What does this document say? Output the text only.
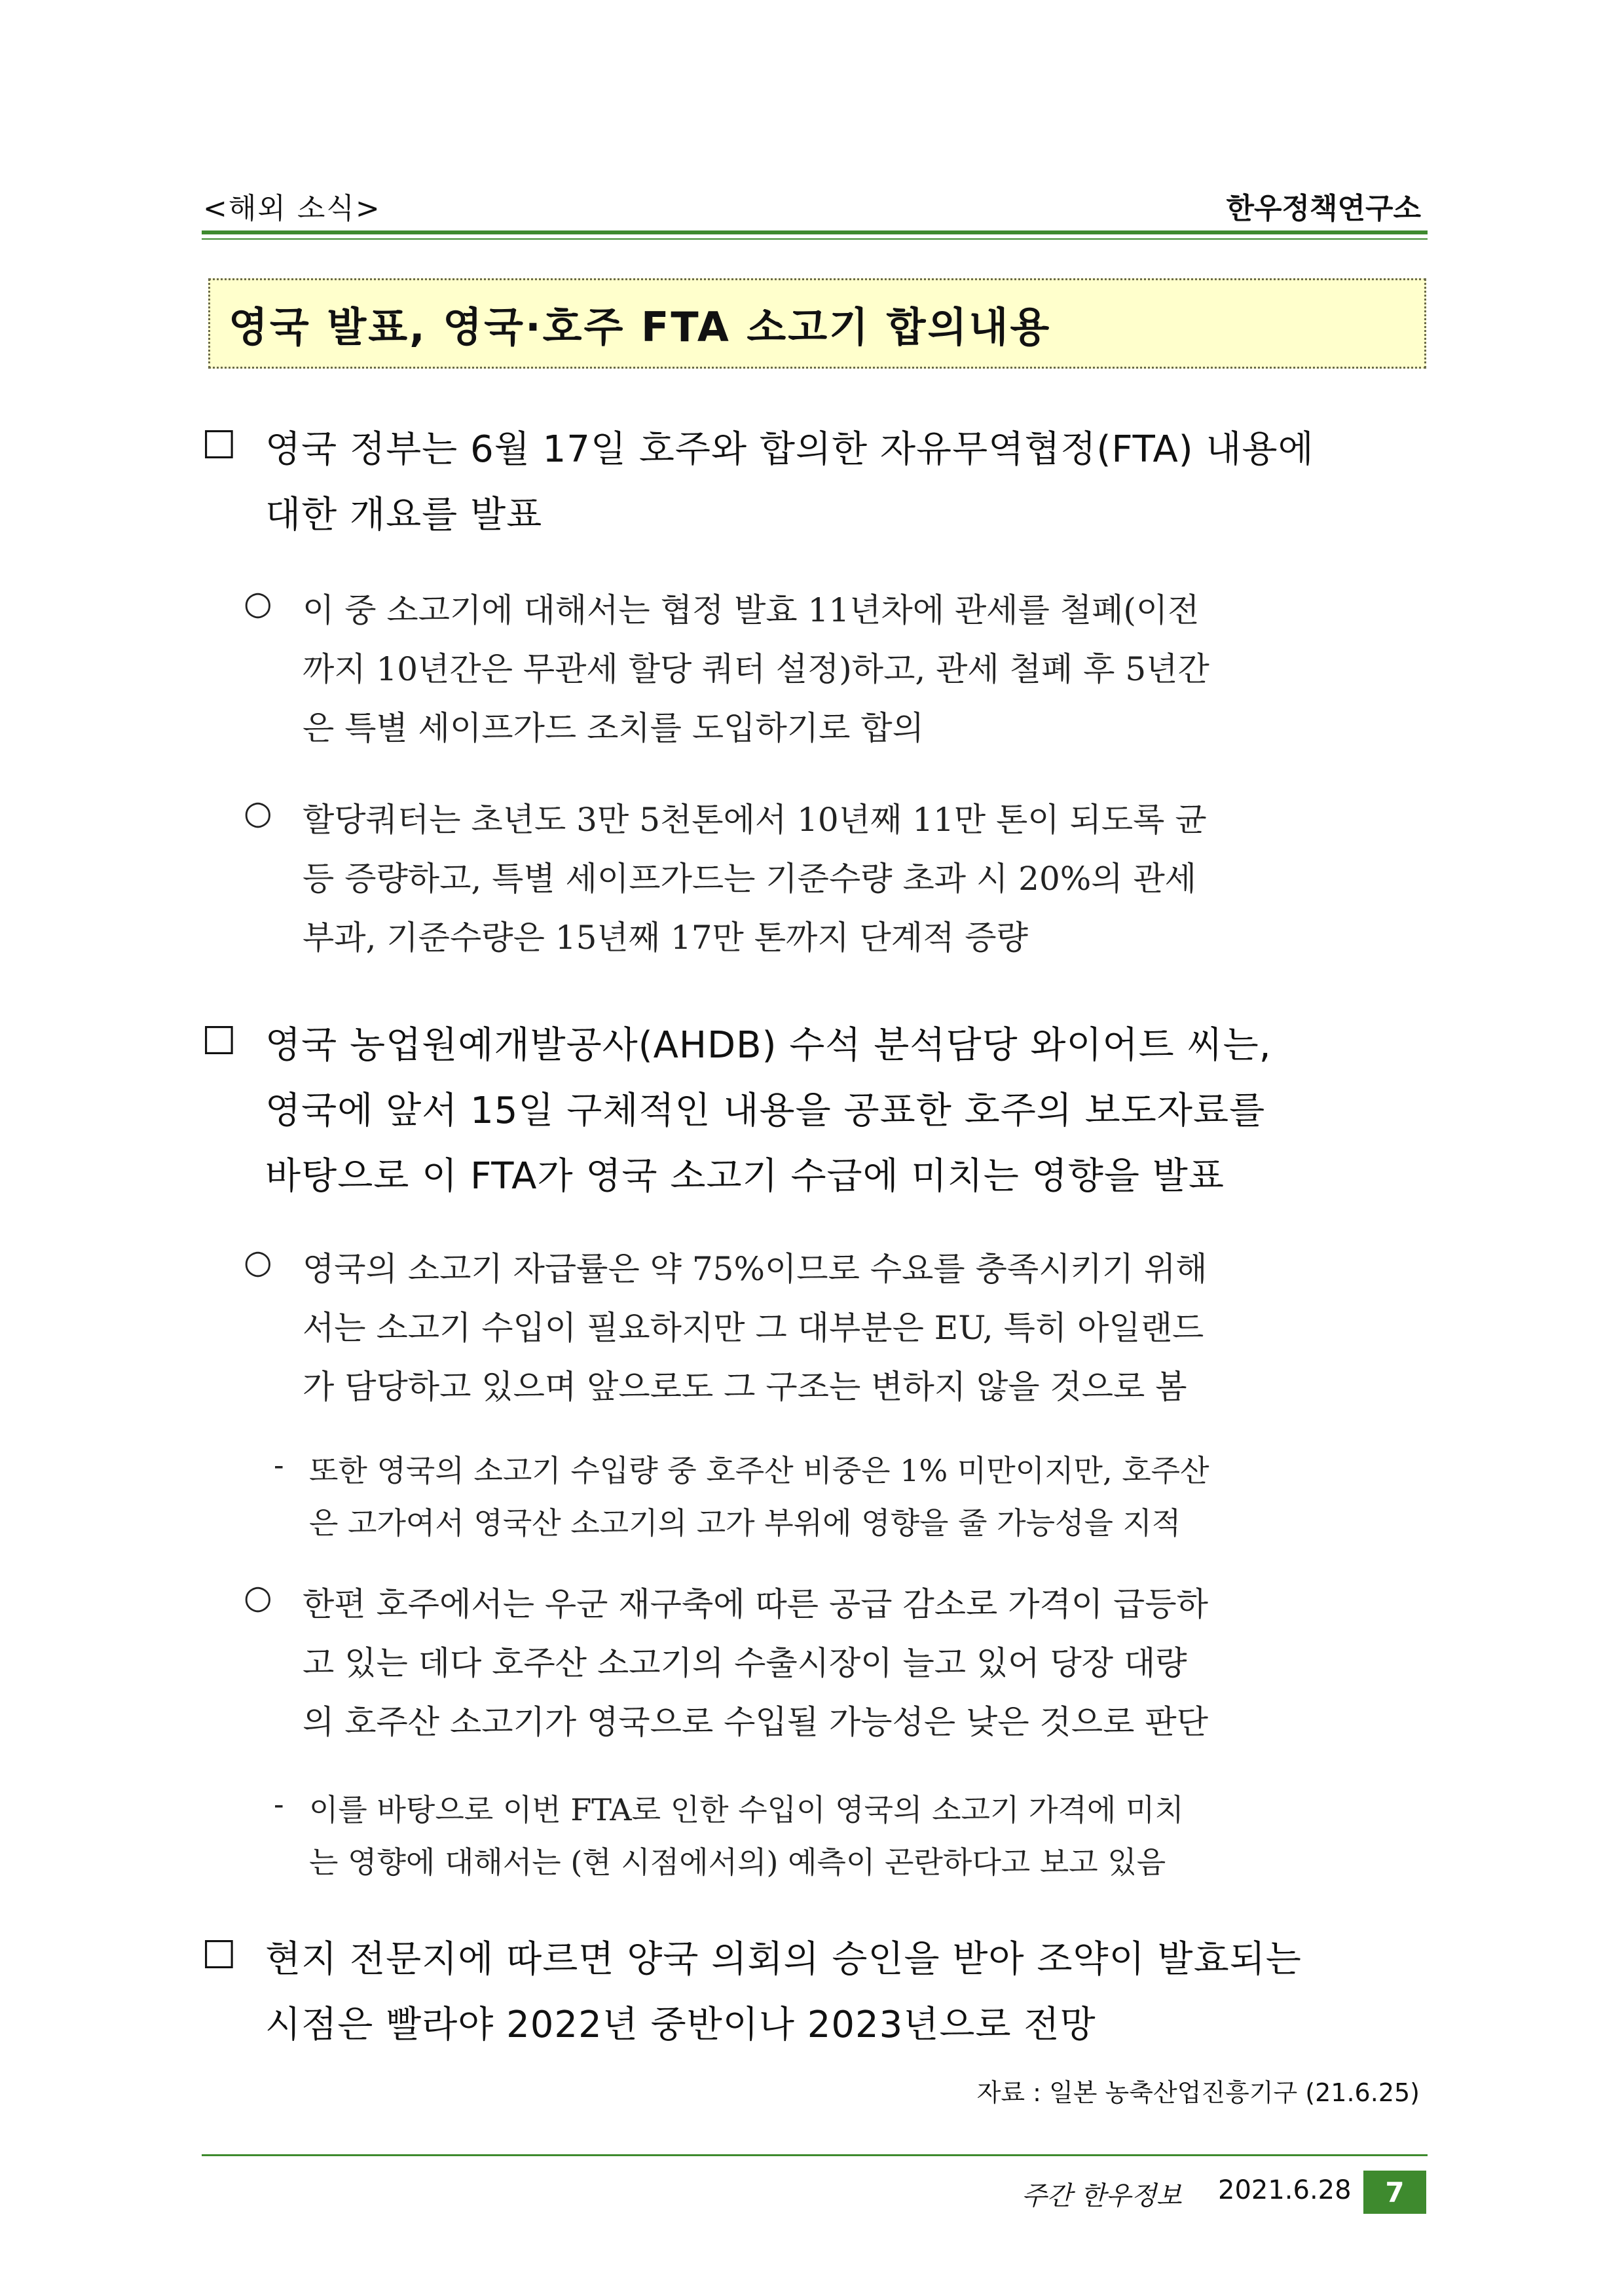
<해외 소식>	한우정책연구소
영국 발표, 영국·호주 FTA 소고기 합의내용
□ 영국 정부는 6월 17일 호주와 합의한 자유무역협정(FTA) 내용에
대한 개요를 발표
○ 이 중 소고기에 대해서는 협정 발효 11년차에 관세를 철폐(이전
까지 10년간은 무관세 할당 쿼터 설정)하고, 관세 철폐 후 5년간
은 특별 세이프가드 조치를 도입하기로 합의
○ 할당쿼터는 초년도 3만 5천톤에서 10년째 11만 톤이 되도록 균
등 증량하고, 특별 세이프가드는 기준수량 초과 시 20%의 관세
부과, 기준수량은 15년째 17만 톤까지 단계적 증량
□ 영국 농업원예개발공사(AHDB) 수석 분석담당 와이어트 씨는,
영국에 앞서 15일 구체적인 내용을 공표한 호주의 보도자료를
바탕으로 이 FTA가 영국 소고기 수급에 미치는 영향을 발표
○ 영국의 소고기 자급률은 약 75%이므로 수요를 충족시키기 위해
서는 소고기 수입이 필요하지만 그 대부분은 EU, 특히 아일랜드
가 담당하고 있으며 앞으로도 그 구조는 변하지 않을 것으로 봄
- 또한 영국의 소고기 수입량 중 호주산 비중은 1% 미만이지만, 호주산
은 고가여서 영국산 소고기의 고가 부위에 영향을 줄 가능성을 지적
○ 한편 호주에서는 우군 재구축에 따른 공급 감소로 가격이 급등하
고 있는 데다 호주산 소고기의 수출시장이 늘고 있어 당장 대량
의 호주산 소고기가 영국으로 수입될 가능성은 낮은 것으로 판단
- 이를 바탕으로 이번 FTA로 인한 수입이 영국의 소고기 가격에 미치
는 영향에 대해서는 (현 시점에서의) 예측이 곤란하다고 보고 있음
□ 현지 전문지에 따르면 양국 의회의 승인을 받아 조약이 발효되는
시점은 빨라야 2022년 중반이나 2023년으로 전망
자료 : 일본 농축산업진흥기구 (21.6.25)
주간 한우정보 2021.6.28	7
